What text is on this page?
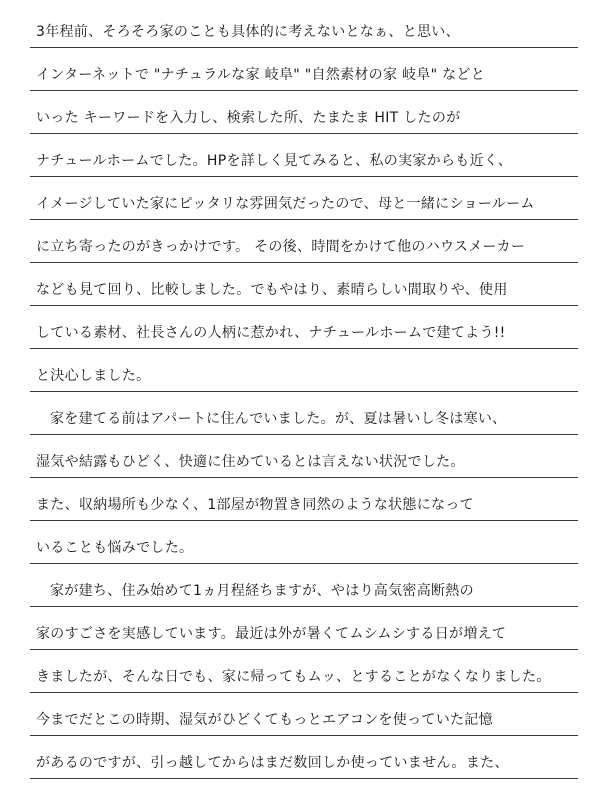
3年程前、そろそろ家のことも具体的に考えないとなぁ、と思い、
インターネットで "ナチュラルな家 岐阜" "自然素材の家 岐阜" などと
いった キーワードを入力し、検索した所、たまたま HIT したのが
ナチュールホームでした。HPを詳しく見てみると、私の実家からも近く、
イメージしていた家にピッタリな雰囲気だったので、母と一緒にショールーム
に立ち寄ったのがきっかけです。 その後、時間をかけて他のハウスメーカー
なども見て回り、比較しました。でもやはり、素晴らしい間取りや、使用
している素材、社長さんの人柄に惹かれ、ナチュールホームで建てよう!!
と決心しました。
家を建てる前はアパートに住んでいました。が、夏は暑いし冬は寒い、
湿気や結露もひどく、快適に住めているとは言えない状況でした。
また、収納場所も少なく、1部屋が物置き同然のような状態になって
いることも悩みでした。
家が建ち、住み始めて1ヵ月程経ちますが、やはり高気密高断熱の
家のすごさを実感しています。最近は外が暑くてムシムシする日が増えて
きましたが、そんな日でも、家に帰ってもムッ、とすることがなくなりました。
今までだとこの時期、湿気がひどくてもっとエアコンを使っていた記憶
があるのですが、引っ越してからはまだ数回しか使っていません。また、
